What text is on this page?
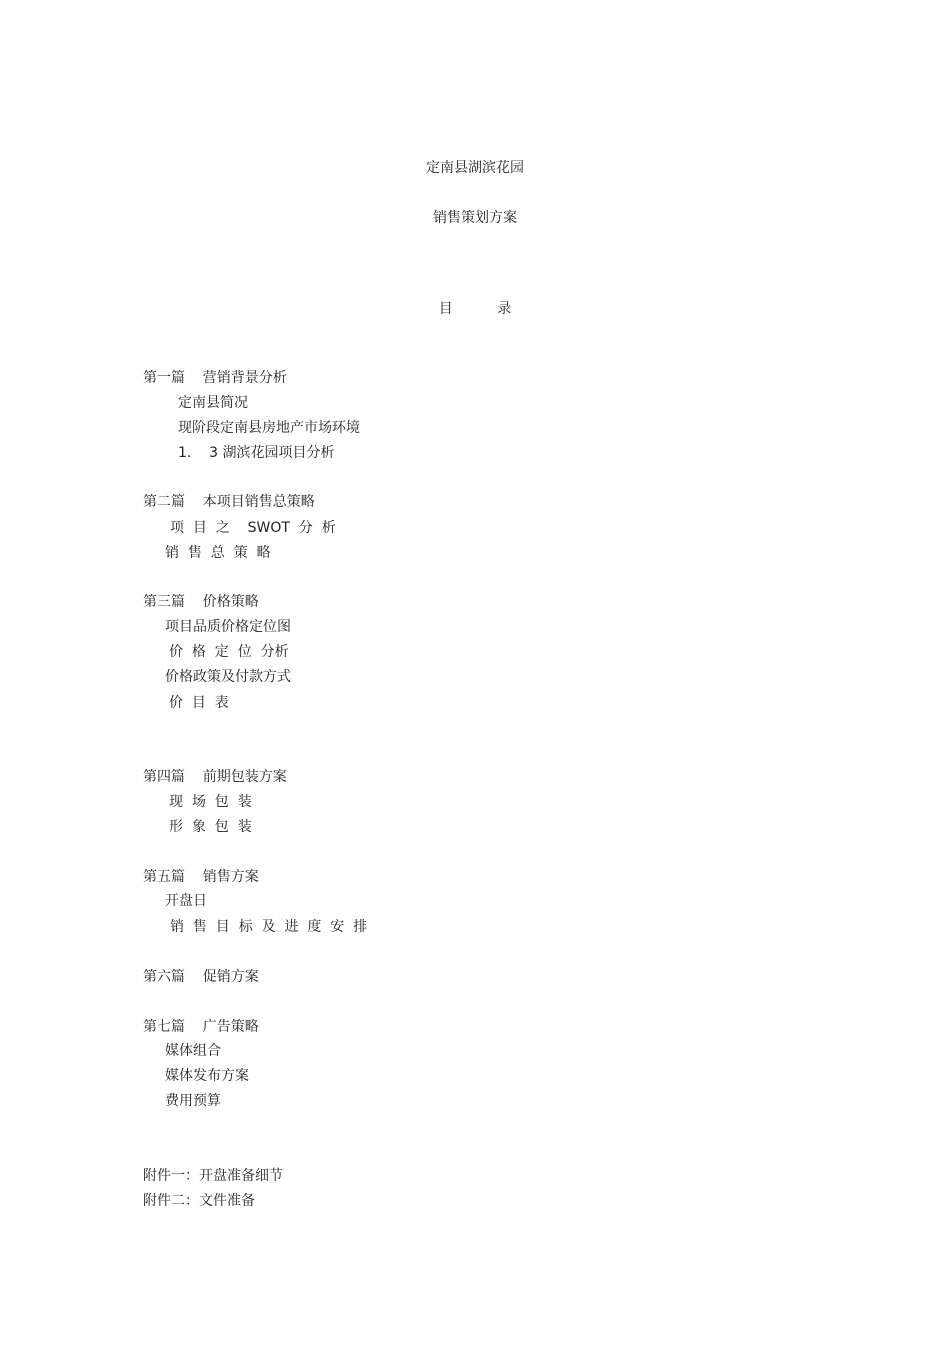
定南县湖滨花园
销售策划方案
目          录
第一篇    营销背景分析
定南县简况
现阶段定南县房地产市场环境
1.    3 湖滨花园项目分析
第二篇    本项目销售总策略
项  目  之    SWOT  分  析
销  售  总  策  略
第三篇    价格策略
项目品质价格定位图
价  格  定  位  分析
价格政策及付款方式
价  目  表
第四篇    前期包装方案
现  场  包  装
形  象  包  装
第五篇    销售方案
开盘日
销  售  目  标  及  进  度  安  排
第六篇    促销方案
第七篇    广告策略
媒体组合
媒体发布方案
费用预算
附件一：开盘准备细节
附件二：文件准备
